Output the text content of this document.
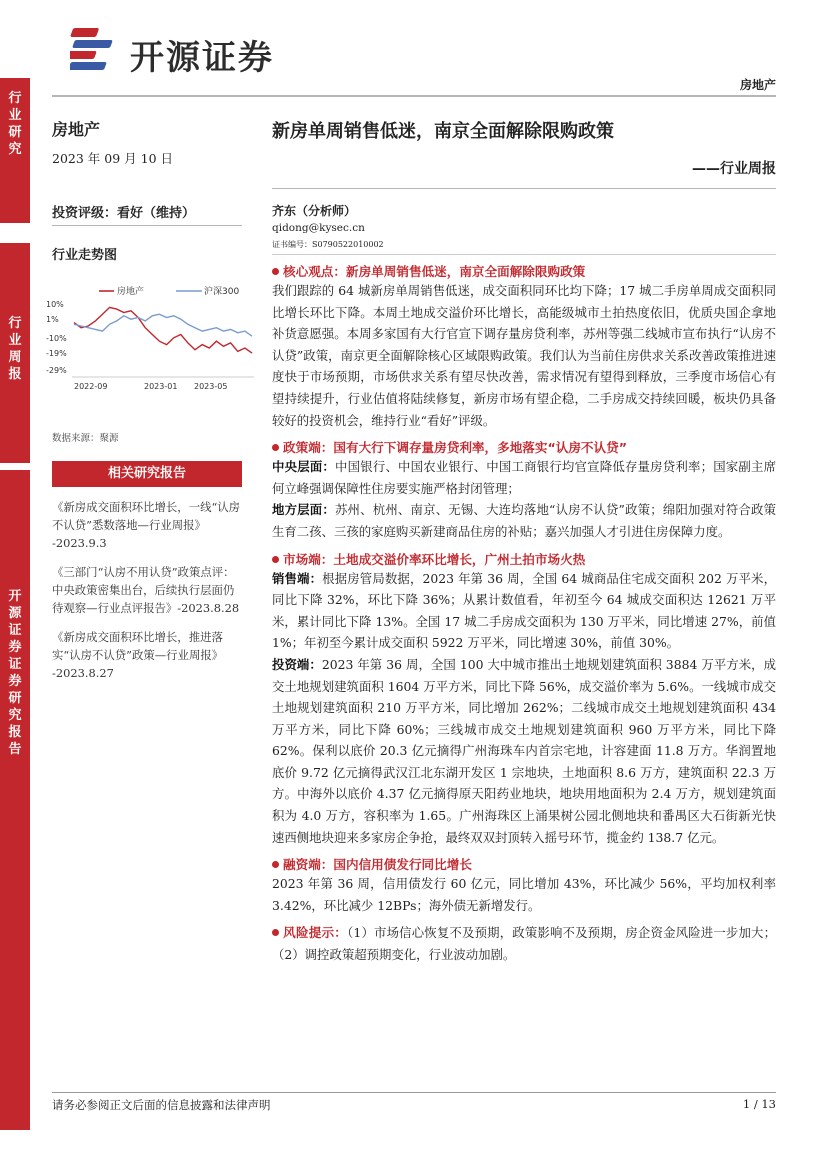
行业研究
行业周报
开源证券 证券研究报告
开源证券
房地产
房地产
2023 年 09 月 10 日
投资评级：看好（维持）
行业走势图
房地产	沪深300
10%
1%
-10%
-19%
-29%
2022-09	2023-01 2023-05
数据来源：聚源
相关研究报告
《新房成交面积环比增长，一线“认房不认贷”悉数落地—行业周报》
-2023.9.3
《三部门“认房不用认贷”政策点评：中央政策密集出台，后续执行层面仍待观察—行业点评报告》-2023.8.28
《新房成交面积环比增长，推进落实“认房不认贷”政策—行业周报》
-2023.8.27
新房单周销售低迷，南京全面解除限购政策
——行业周报
齐东（分析师）
qidong@kysec.cn
证书编号：S0790522010002
核心观点：新房单周销售低迷，南京全面解除限购政策
我们跟踪的 64 城新房单周销售低迷，成交面积同环比均下降；17 城二手房单周成交面积同比增长环比下降。本周土地成交溢价环比增长，高能级城市土拍热度依旧，优质央国企拿地补货意愿强。本周多家国有大行官宣下调存量房贷利率，苏州等强二线城市宣布执行“认房不认贷”政策，南京更全面解除核心区域限购政策。我们认为当前住房供求关系改善政策推进速度快于市场预期，市场供求关系有望尽快改善，需求情况有望得到释放，三季度市场信心有望持续提升，行业估值将陆续修复，新房市场有望企稳，二手房成交持续回暖，板块仍具备较好的投资机会，维持行业“看好”评级。
政策端：国有大行下调存量房贷利率，多地落实“认房不认贷”
中央层面：中国银行、中国农业银行、中国工商银行均官宣降低存量房贷利率；国家副主席何立峰强调保障性住房要实施严格封闭管理；
地方层面：苏州、杭州、南京、无锡、大连均落地“认房不认贷”政策；绵阳加强对符合政策生育二孩、三孩的家庭购买新建商品住房的补贴；嘉兴加强人才引进住房保障力度。
市场端：土地成交溢价率环比增长，广州土拍市场火热
销售端：根据房管局数据，2023 年第 36 周，全国 64 城商品住宅成交面积 202 万平米，同比下降 32%，环比下降 36%；从累计数值看，年初至今 64 城成交面积达 12621 万平米，累计同比下降 13%。全国 17 城二手房成交面积为 130 万平米，同比增速 27%，前值 1%；年初至今累计成交面积 5922 万平米，同比增速 30%，前值 30%。
投资端：2023 年第 36 周，全国 100 大中城市推出土地规划建筑面积 3884 万平方米，成交土地规划建筑面积 1604 万平方米，同比下降 56%，成交溢价率为 5.6%。一线城市成交土地规划建筑面积 210 万平方米，同比增加 262%；二线城市成交土地规划建筑面积 434 万平方米，同比下降 60%；三线城市成交土地规划建筑面积 960 万平方米，同比下降 62%。保利以底价 20.3 亿元摘得广州海珠车内首宗宅地，计容建面 11.8 万方。华润置地底价 9.72 亿元摘得武汉江北东湖开发区 1 宗地块，土地面积 8.6 万方，建筑面积 22.3 万方。中海外以底价 4.37 亿元摘得原天阳药业地块，地块用地面积为 2.4 万方，规划建筑面积为 4.0 万方，容积率为 1.65。广州海珠区上涌果树公园北侧地块和番禺区大石街新光快速西侧地块迎来多家房企争抢，最终双双封顶转入摇号环节，揽金约 138.7 亿元。
融资端：国内信用债发行同比增长
2023 年第 36 周，信用债发行 60 亿元，同比增加 43%，环比减少 56%，平均加权利率 3.42%，环比减少 12BPs；海外债无新增发行。
风险提示：（1）市场信心恢复不及预期，政策影响不及预期，房企资金风险进一步加大；（2）调控政策超预期变化，行业波动加剧。
请务必参阅正文后面的信息披露和法律声明	1 / 13
